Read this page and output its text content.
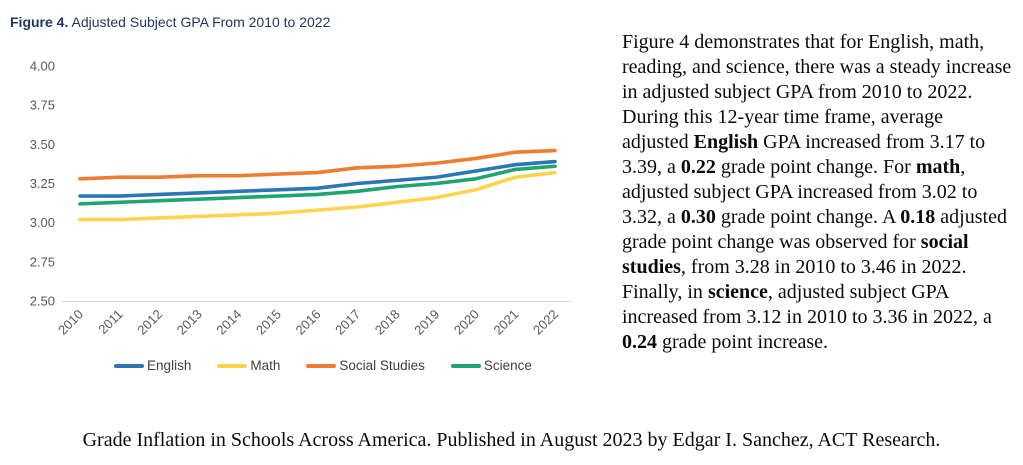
Figure 4. Adjusted Subject GPA From 2010 to 2022
4.00
3.75
3.50
3.25
3.00
2.75
2.50
2010 2011 2012 2013 2014 2015 2016 2017 2018 2019 2020 2021 2022
English	Math	Social Studies	Science
Figure 4 demonstrates that for English, math, reading, and science, there was a steady increase in adjusted subject GPA from 2010 to 2022. During this 12-year time frame, average adjusted English GPA increased from 3.17 to 3.39, a 0.22 grade point change. For math, adjusted subject GPA increased from 3.02 to 3.32, a 0.30 grade point change. A 0.18 adjusted grade point change was observed for social studies, from 3.28 in 2010 to 3.46 in 2022. Finally, in science, adjusted subject GPA increased from 3.12 in 2010 to 3.36 in 2022, a 0.24 grade point increase.
Grade Inflation in Schools Across America. Published in August 2023 by Edgar I. Sanchez, ACT Research.
